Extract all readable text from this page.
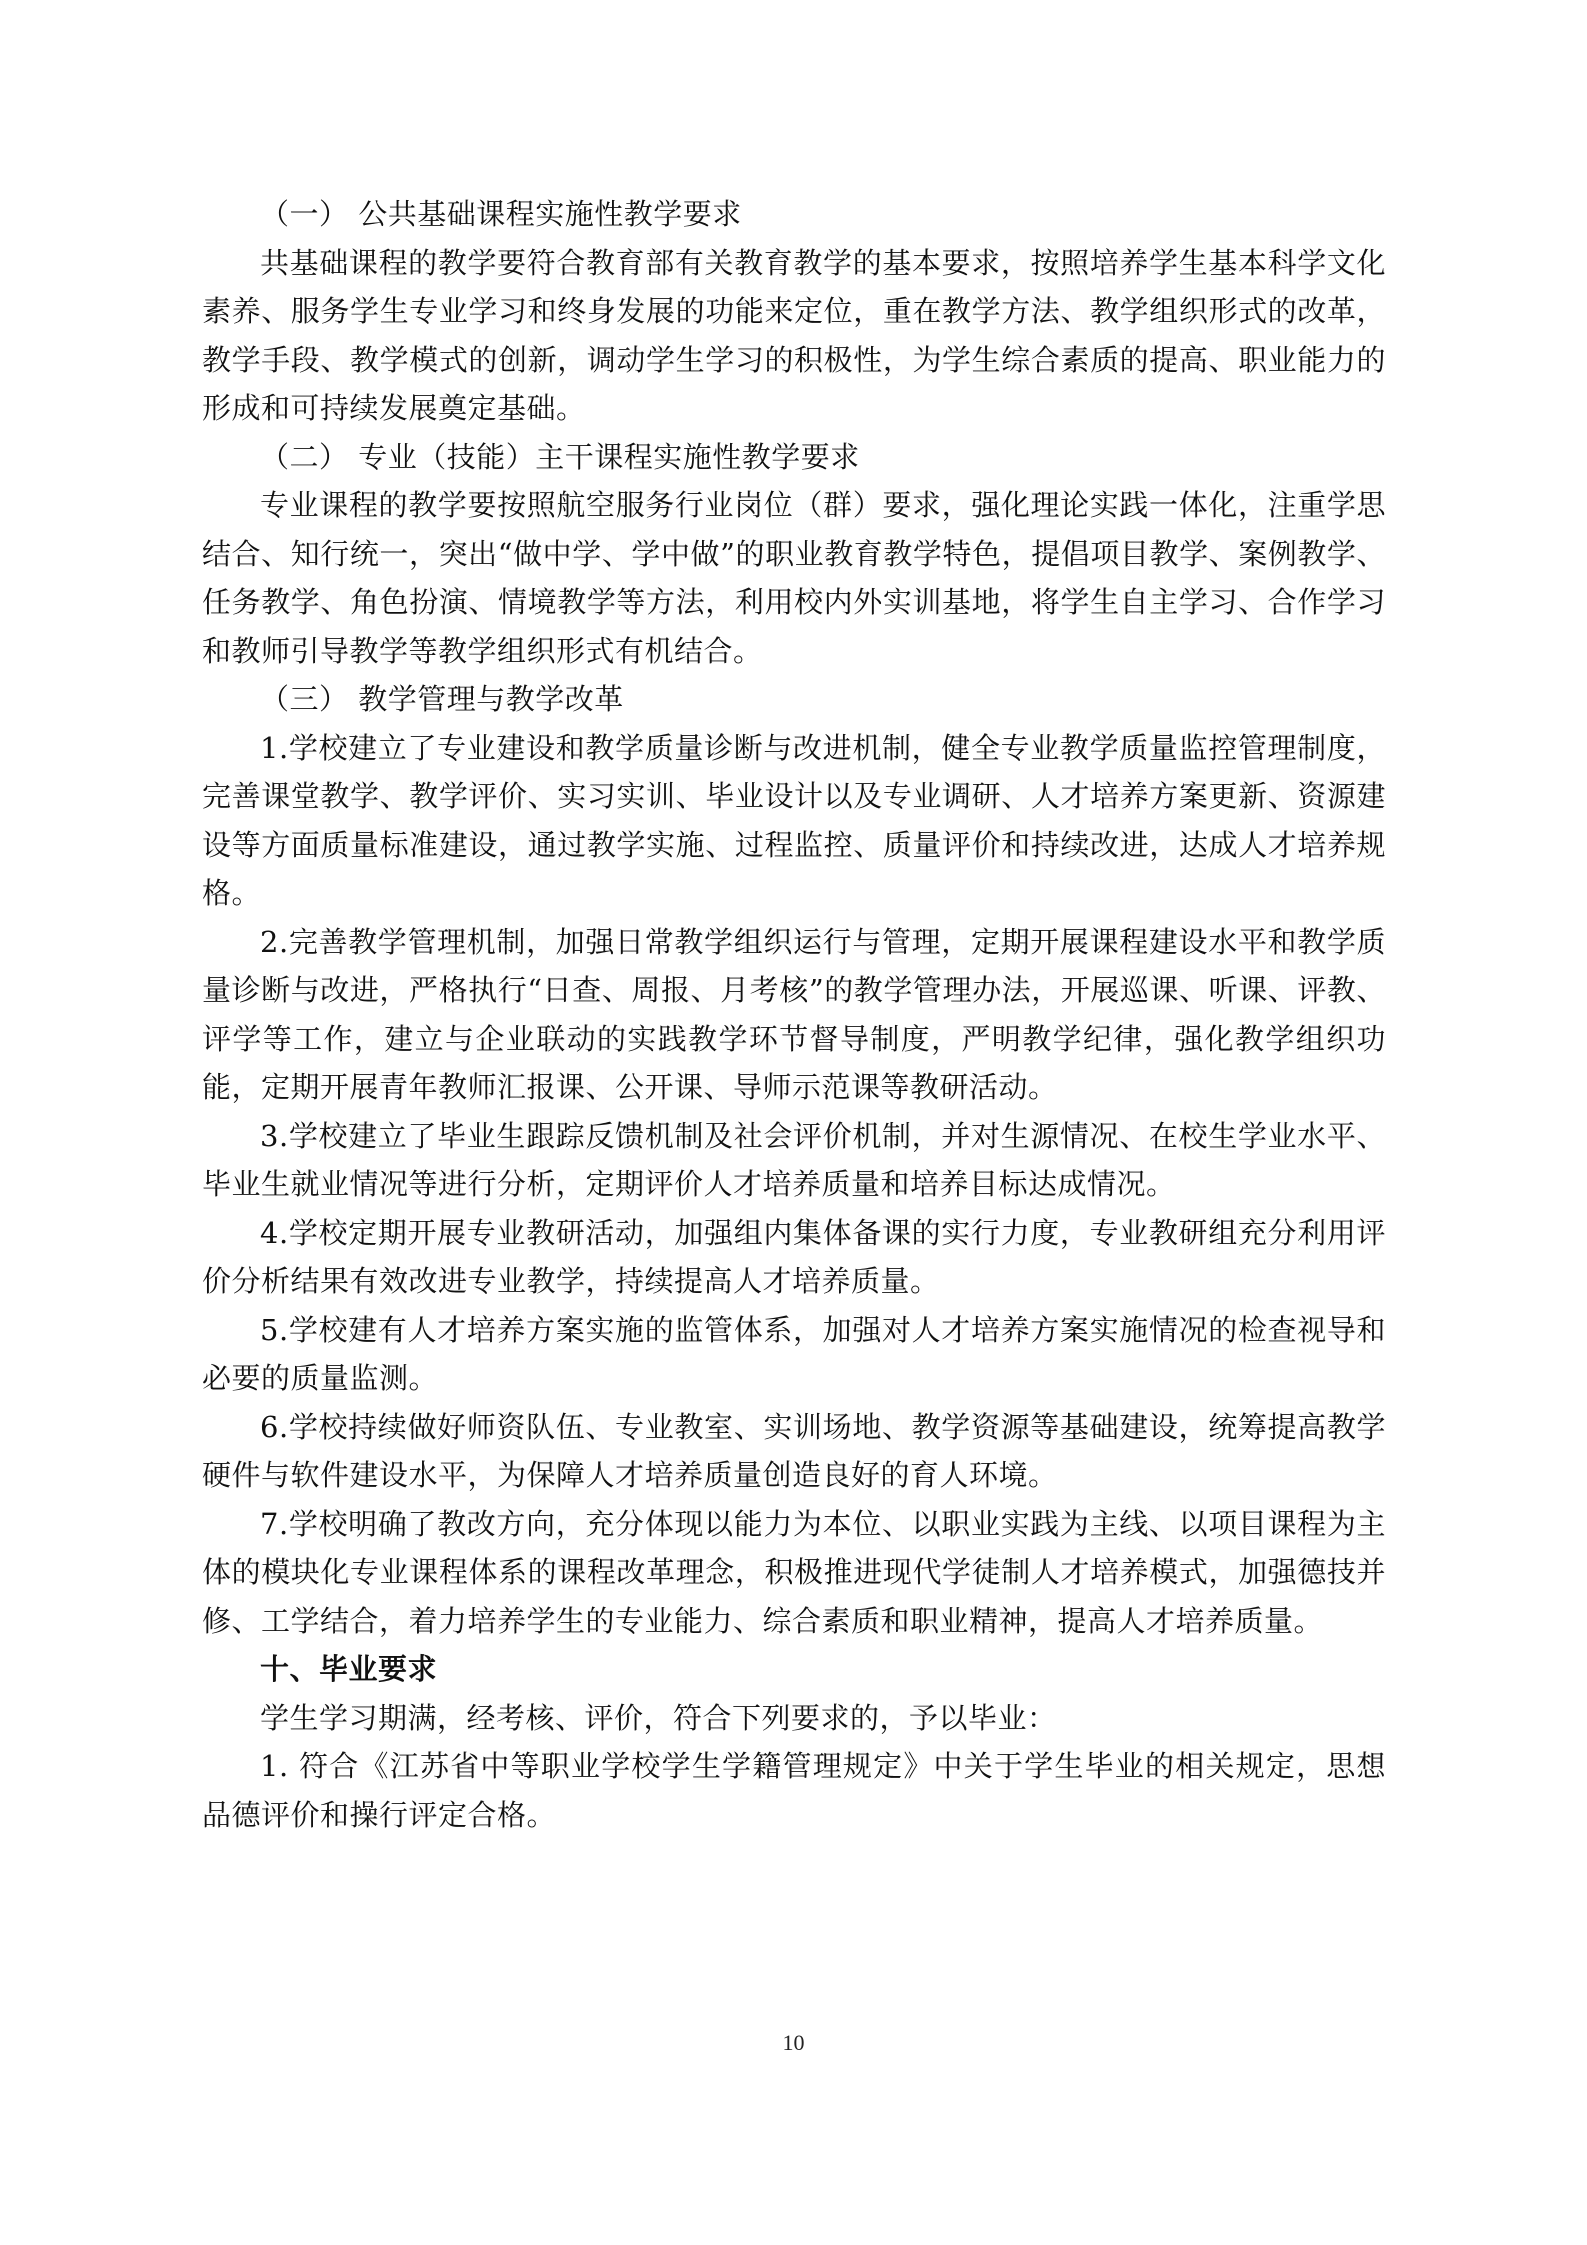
（一） 公共基础课程实施性教学要求

共基础课程的教学要符合教育部有关教育教学的基本要求，按照培养学生基本科学文化素养、服务学生专业学习和终身发展的功能来定位，重在教学方法、教学组织形式的改革，教学手段、教学模式的创新，调动学生学习的积极性，为学生综合素质的提高、职业能力的形成和可持续发展奠定基础。

（二） 专业（技能）主干课程实施性教学要求

专业课程的教学要按照航空服务行业岗位（群）要求，强化理论实践一体化，注重学思结合、知行统一，突出“做中学、学中做”的职业教育教学特色，提倡项目教学、案例教学、任务教学、角色扮演、情境教学等方法，利用校内外实训基地，将学生自主学习、合作学习和教师引导教学等教学组织形式有机结合。

（三） 教学管理与教学改革

1.学校建立了专业建设和教学质量诊断与改进机制，健全专业教学质量监控管理制度，完善课堂教学、教学评价、实习实训、毕业设计以及专业调研、人才培养方案更新、资源建设等方面质量标准建设，通过教学实施、过程监控、质量评价和持续改进，达成人才培养规格。

2.完善教学管理机制，加强日常教学组织运行与管理，定期开展课程建设水平和教学质量诊断与改进，严格执行“日查、周报、月考核”的教学管理办法，开展巡课、听课、评教、评学等工作，建立与企业联动的实践教学环节督导制度，严明教学纪律，强化教学组织功能，定期开展青年教师汇报课、公开课、导师示范课等教研活动。

3.学校建立了毕业生跟踪反馈机制及社会评价机制，并对生源情况、在校生学业水平、毕业生就业情况等进行分析，定期评价人才培养质量和培养目标达成情况。

4.学校定期开展专业教研活动，加强组内集体备课的实行力度，专业教研组充分利用评价分析结果有效改进专业教学，持续提高人才培养质量。

5.学校建有人才培养方案实施的监管体系，加强对人才培养方案实施情况的检查视导和必要的质量监测。

6.学校持续做好师资队伍、专业教室、实训场地、教学资源等基础建设，统筹提高教学硬件与软件建设水平，为保障人才培养质量创造良好的育人环境。

7.学校明确了教改方向，充分体现以能力为本位、以职业实践为主线、以项目课程为主体的模块化专业课程体系的课程改革理念，积极推进现代学徒制人才培养模式，加强德技并修、工学结合，着力培养学生的专业能力、综合素质和职业精神，提高人才培养质量。

十、毕业要求

学生学习期满，经考核、评价，符合下列要求的，予以毕业：

1. 符合《江苏省中等职业学校学生学籍管理规定》中关于学生毕业的相关规定，思想品德评价和操行评定合格。

10
